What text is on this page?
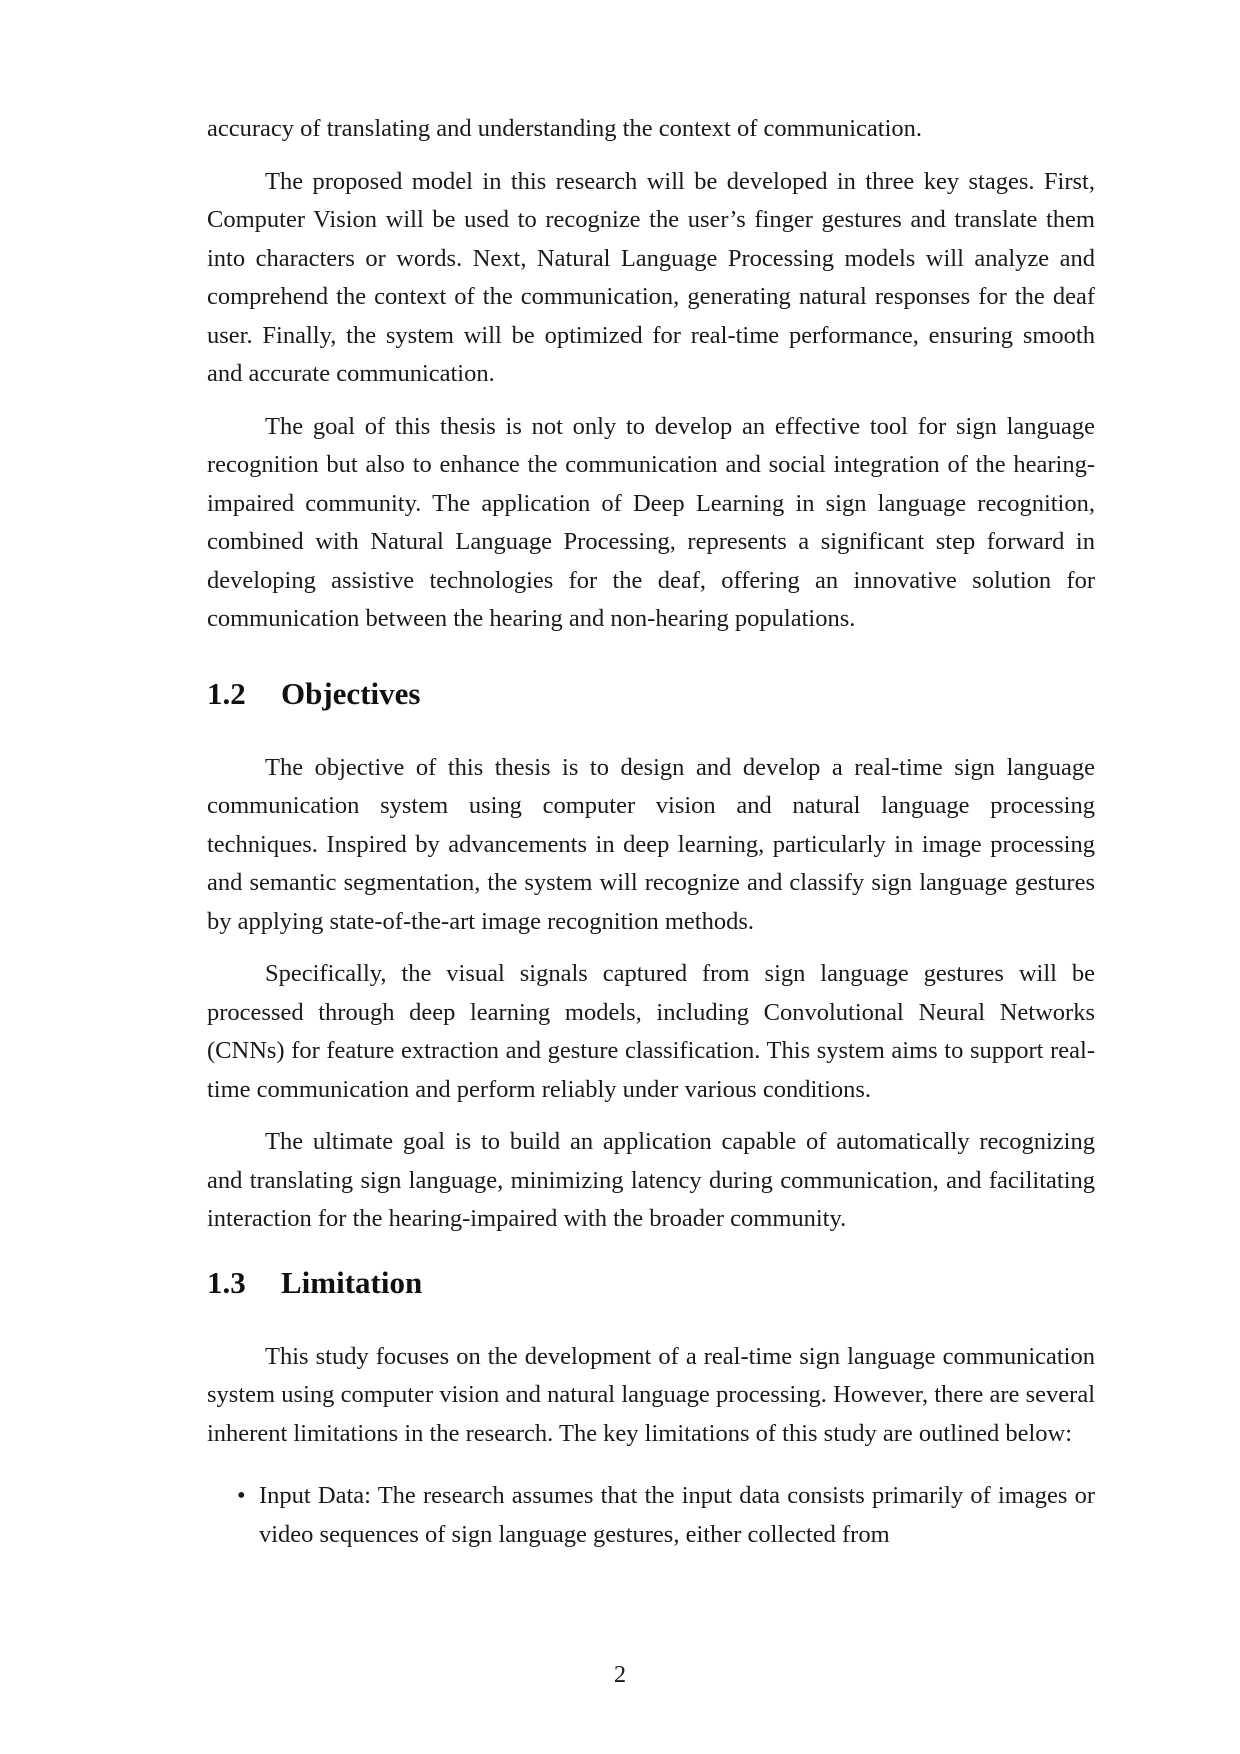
accuracy of translating and understanding the context of communication.

The proposed model in this research will be developed in three key stages. First, Computer Vision will be used to recognize the user’s finger gestures and translate them into characters or words. Next, Natural Language Processing models will analyze and comprehend the context of the communication, generating natural responses for the deaf user. Finally, the system will be optimized for real-time performance, ensuring smooth and accurate communication.

The goal of this thesis is not only to develop an effective tool for sign language recognition but also to enhance the communication and social integration of the hearing-impaired community. The application of Deep Learning in sign language recognition, combined with Natural Language Processing, represents a significant step forward in developing assistive technologies for the deaf, offering an innovative solution for communication between the hearing and non-hearing populations.

1.2 Objectives

The objective of this thesis is to design and develop a real-time sign language communication system using computer vision and natural language processing techniques. Inspired by advancements in deep learning, particularly in image processing and semantic segmentation, the system will recognize and classify sign language gestures by applying state-of-the-art image recognition methods.

Specifically, the visual signals captured from sign language gestures will be processed through deep learning models, including Convolutional Neural Networks (CNNs) for feature extraction and gesture classification. This system aims to support real-time communication and perform reliably under various conditions.

The ultimate goal is to build an application capable of automatically recognizing and translating sign language, minimizing latency during communication, and facilitating interaction for the hearing-impaired with the broader community.

1.3 Limitation

This study focuses on the development of a real-time sign language communication system using computer vision and natural language processing. However, there are several inherent limitations in the research. The key limitations of this study are outlined below:

• Input Data: The research assumes that the input data consists primarily of images or video sequences of sign language gestures, either collected from
2
